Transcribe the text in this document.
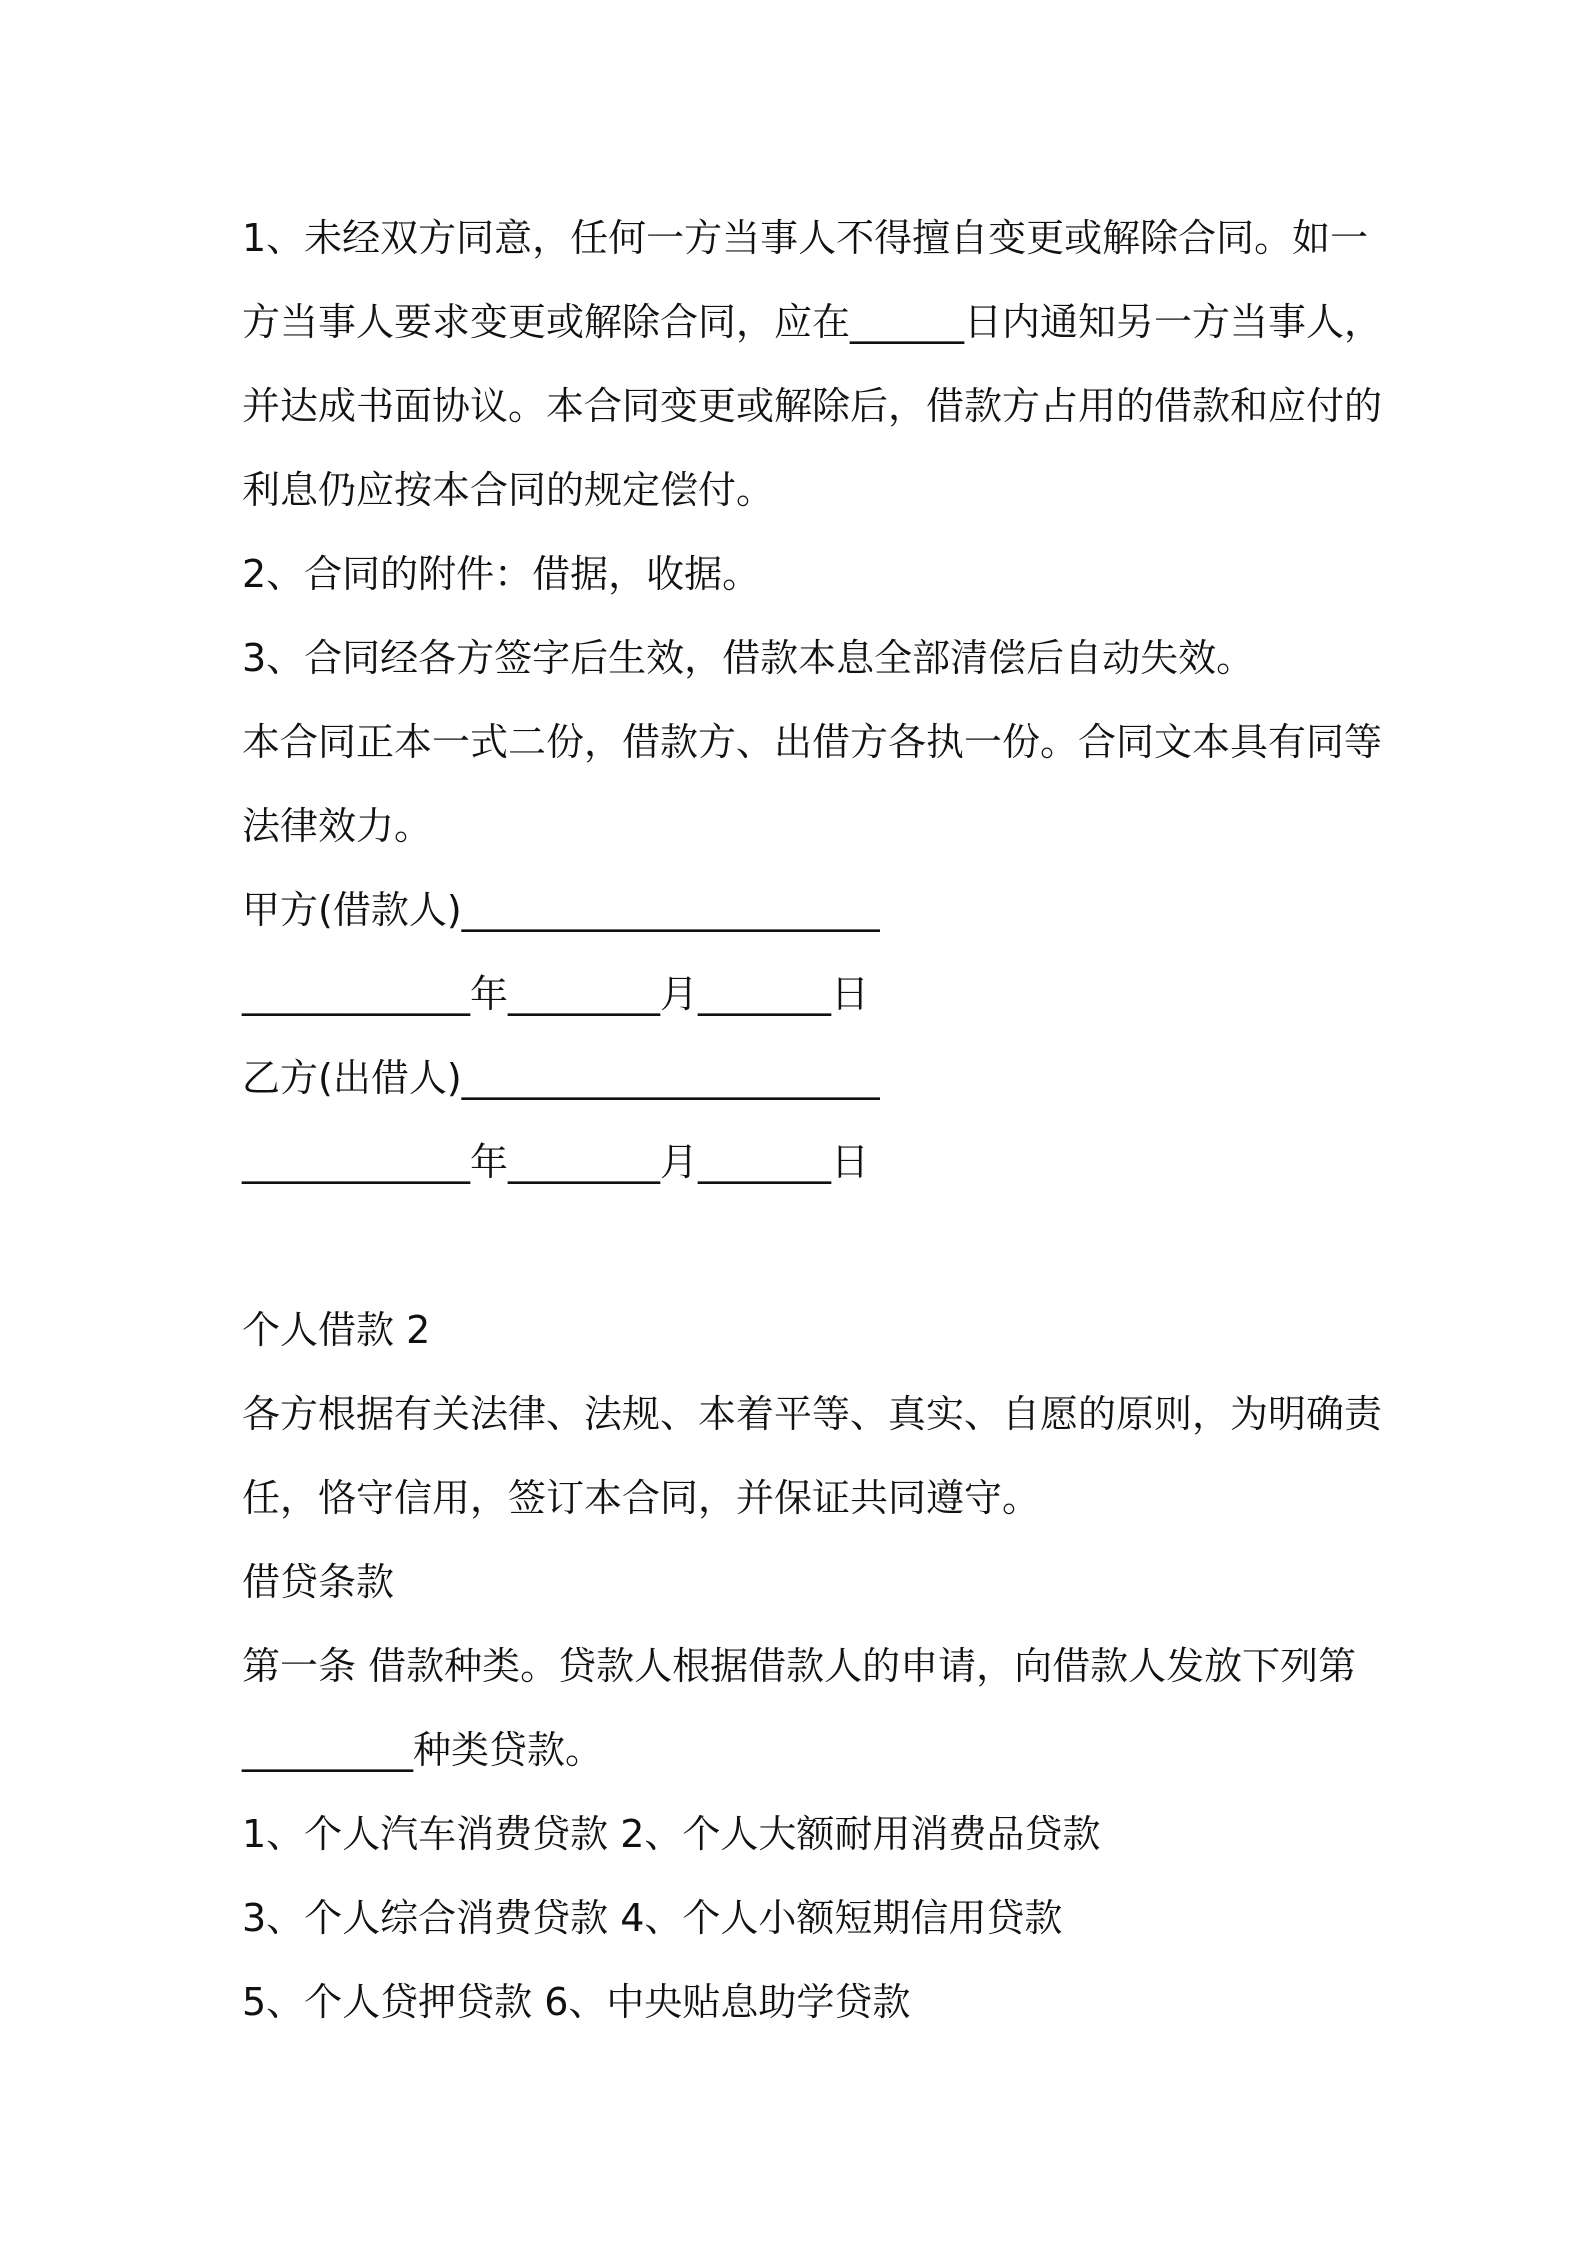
1、未经双方同意，任何一方当事人不得擅自变更或解除合同。如一

方当事人要求变更或解除合同，应在______日内通知另一方当事人，

并达成书面协议。本合同变更或解除后，借款方占用的借款和应付的

利息仍应按本合同的规定偿付。

2、合同的附件：借据，收据。

3、合同经各方签字后生效，借款本息全部清偿后自动失效。

本合同正本一式二份，借款方、出借方各执一份。合同文本具有同等

法律效力。

甲方(借款人)______________________

____________年________月_______日

乙方(出借人)______________________

____________年________月_______日

个人借款 2

各方根据有关法律、法规、本着平等、真实、自愿的原则，为明确责

任，恪守信用，签订本合同，并保证共同遵守。

借贷条款

第一条 借款种类。贷款人根据借款人的申请，向借款人发放下列第

_________种类贷款。

1、个人汽车消费贷款 2、个人大额耐用消费品贷款

3、个人综合消费贷款 4、个人小额短期信用贷款

5、个人贷押贷款 6、中央贴息助学贷款
